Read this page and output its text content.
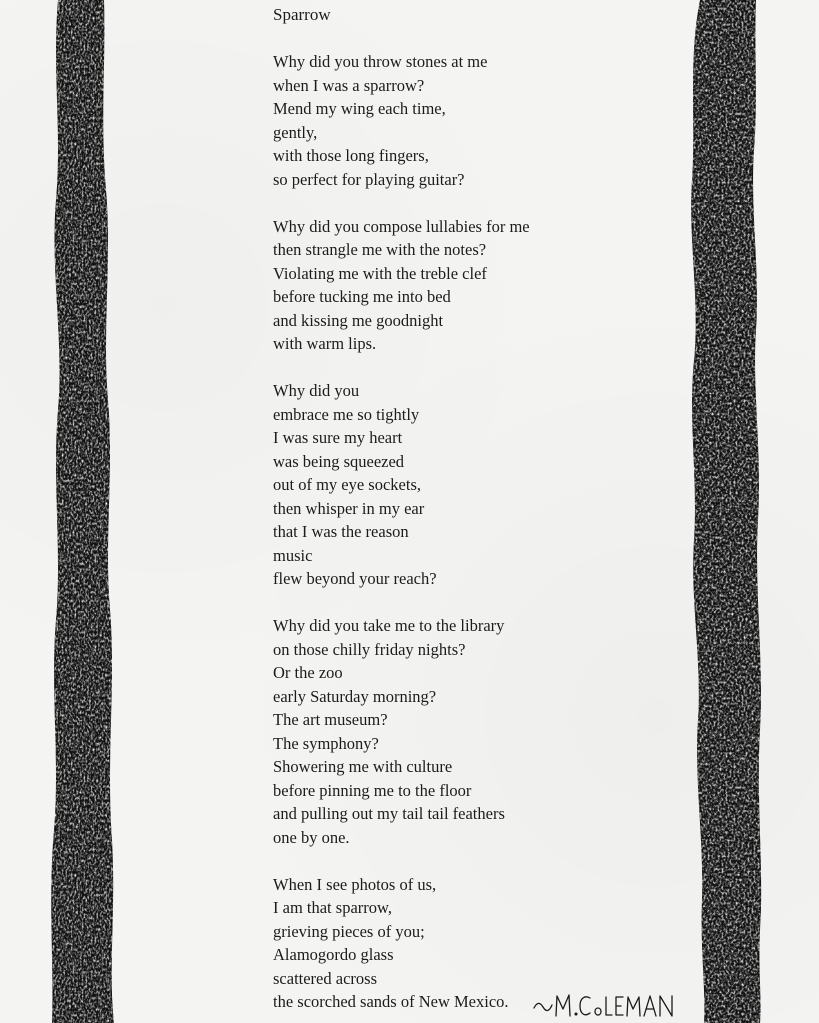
Sparrow
Why did you throw stones at me
when I was a sparrow?
Mend my wing each time,
gently,
with those long fingers,
so perfect for playing guitar?
Why did you compose lullabies for me
then strangle me with the notes?
Violating me with the treble clef
before tucking me into bed
and kissing me goodnight
with warm lips.
Why did you
embrace me so tightly
I was sure my heart
was being squeezed
out of my eye sockets,
then whisper in my ear
that I was the reason
music
flew beyond your reach?
Why did you take me to the library
on those chilly friday nights?
Or the zoo
early Saturday morning?
The art museum?
The symphony?
Showering me with culture
before pinning me to the floor
and pulling out my tail tail feathers
one by one.
When I see photos of us,
I am that sparrow,
grieving pieces of you;
Alamogordo glass
scattered across
the scorched sands of New Mexico.
